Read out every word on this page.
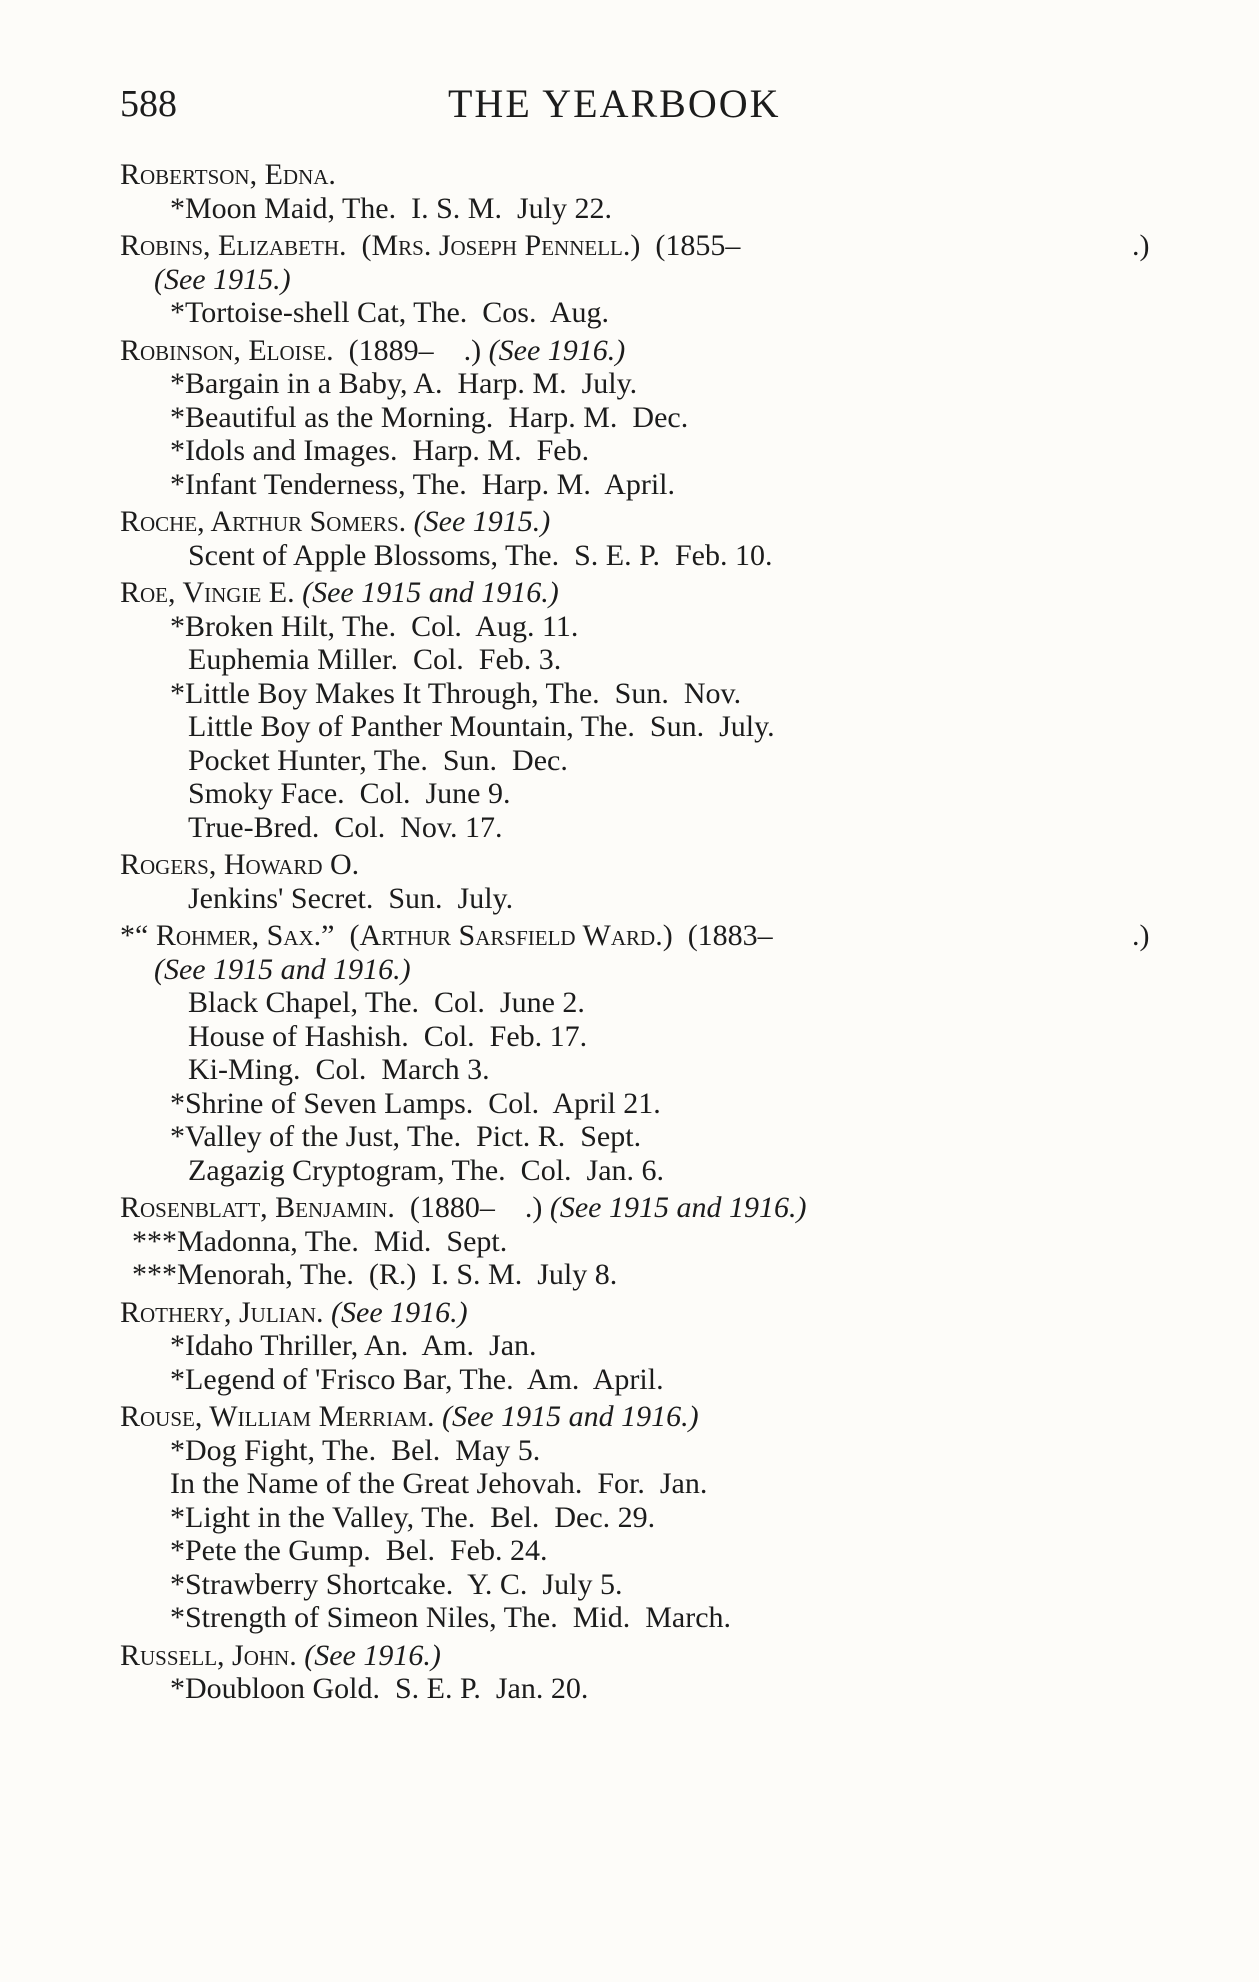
588	THE YEARBOOK
Robertson, Edna.
*Moon Maid, The.  I. S. M.  July 22.
Robins, Elizabeth.  (Mrs. Joseph Pennell.)  (1855–	.)
(See 1915.)
*Tortoise-shell Cat, The.  Cos.  Aug.
Robinson, Eloise.  (1889–    .) (See 1916.)
*Bargain in a Baby, A.  Harp. M.  July.
*Beautiful as the Morning.  Harp. M.  Dec.
*Idols and Images.  Harp. M.  Feb.
*Infant Tenderness, The.  Harp. M.  April.
Roche, Arthur Somers. (See 1915.)
Scent of Apple Blossoms, The.  S. E. P.  Feb. 10.
Roe, Vingie E. (See 1915 and 1916.)
*Broken Hilt, The.  Col.  Aug. 11.
Euphemia Miller.  Col.  Feb. 3.
*Little Boy Makes It Through, The.  Sun.  Nov.
Little Boy of Panther Mountain, The.  Sun.  July.
Pocket Hunter, The.  Sun.  Dec.
Smoky Face.  Col.  June 9.
True-Bred.  Col.  Nov. 17.
Rogers, Howard O.
Jenkins' Secret.  Sun.  July.
*“ Rohmer, Sax.”  (Arthur Sarsfield Ward.)  (1883–	.)
(See 1915 and 1916.)
Black Chapel, The.  Col.  June 2.
House of Hashish.  Col.  Feb. 17.
Ki-Ming.  Col.  March 3.
*Shrine of Seven Lamps.  Col.  April 21.
*Valley of the Just, The.  Pict. R.  Sept.
Zagazig Cryptogram, The.  Col.  Jan. 6.
Rosenblatt, Benjamin.  (1880–    .) (See 1915 and 1916.)
***Madonna, The.  Mid.  Sept.
***Menorah, The.  (R.)  I. S. M.  July 8.
Rothery, Julian. (See 1916.)
*Idaho Thriller, An.  Am.  Jan.
*Legend of 'Frisco Bar, The.  Am.  April.
Rouse, William Merriam. (See 1915 and 1916.)
*Dog Fight, The.  Bel.  May 5.
In the Name of the Great Jehovah.  For.  Jan.
*Light in the Valley, The.  Bel.  Dec. 29.
*Pete the Gump.  Bel.  Feb. 24.
*Strawberry Shortcake.  Y. C.  July 5.
*Strength of Simeon Niles, The.  Mid.  March.
Russell, John. (See 1916.)
*Doubloon Gold.  S. E. P.  Jan. 20.
